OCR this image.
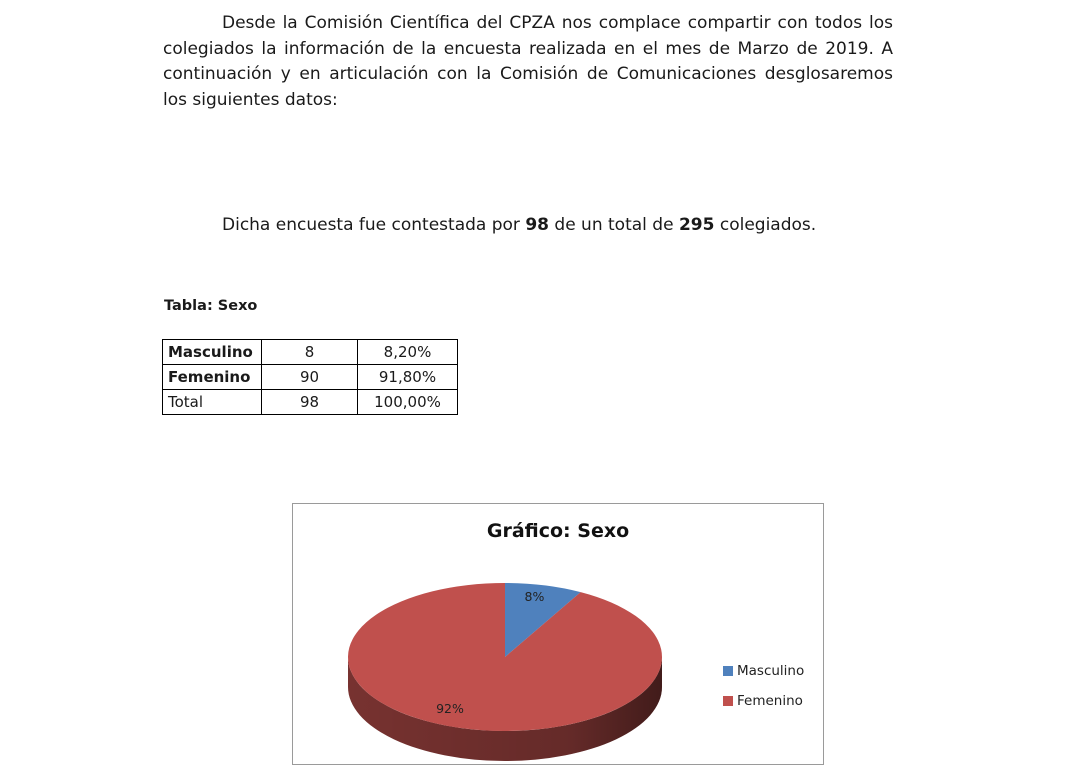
Desde la Comisión Científica del CPZA nos complace compartir con todos los colegiados la información de la encuesta realizada en el mes de Marzo de 2019. A continuación y en articulación con la Comisión de Comunicaciones desglosaremos los siguientes datos:
Dicha encuesta fue contestada por 98 de un total de 295 colegiados.
Tabla: Sexo
Masculino	8	8,20%
Femenino	90	91,80%
Total	98	100,00%
Gráfico: Sexo
8%
92%
Masculino
Femenino
